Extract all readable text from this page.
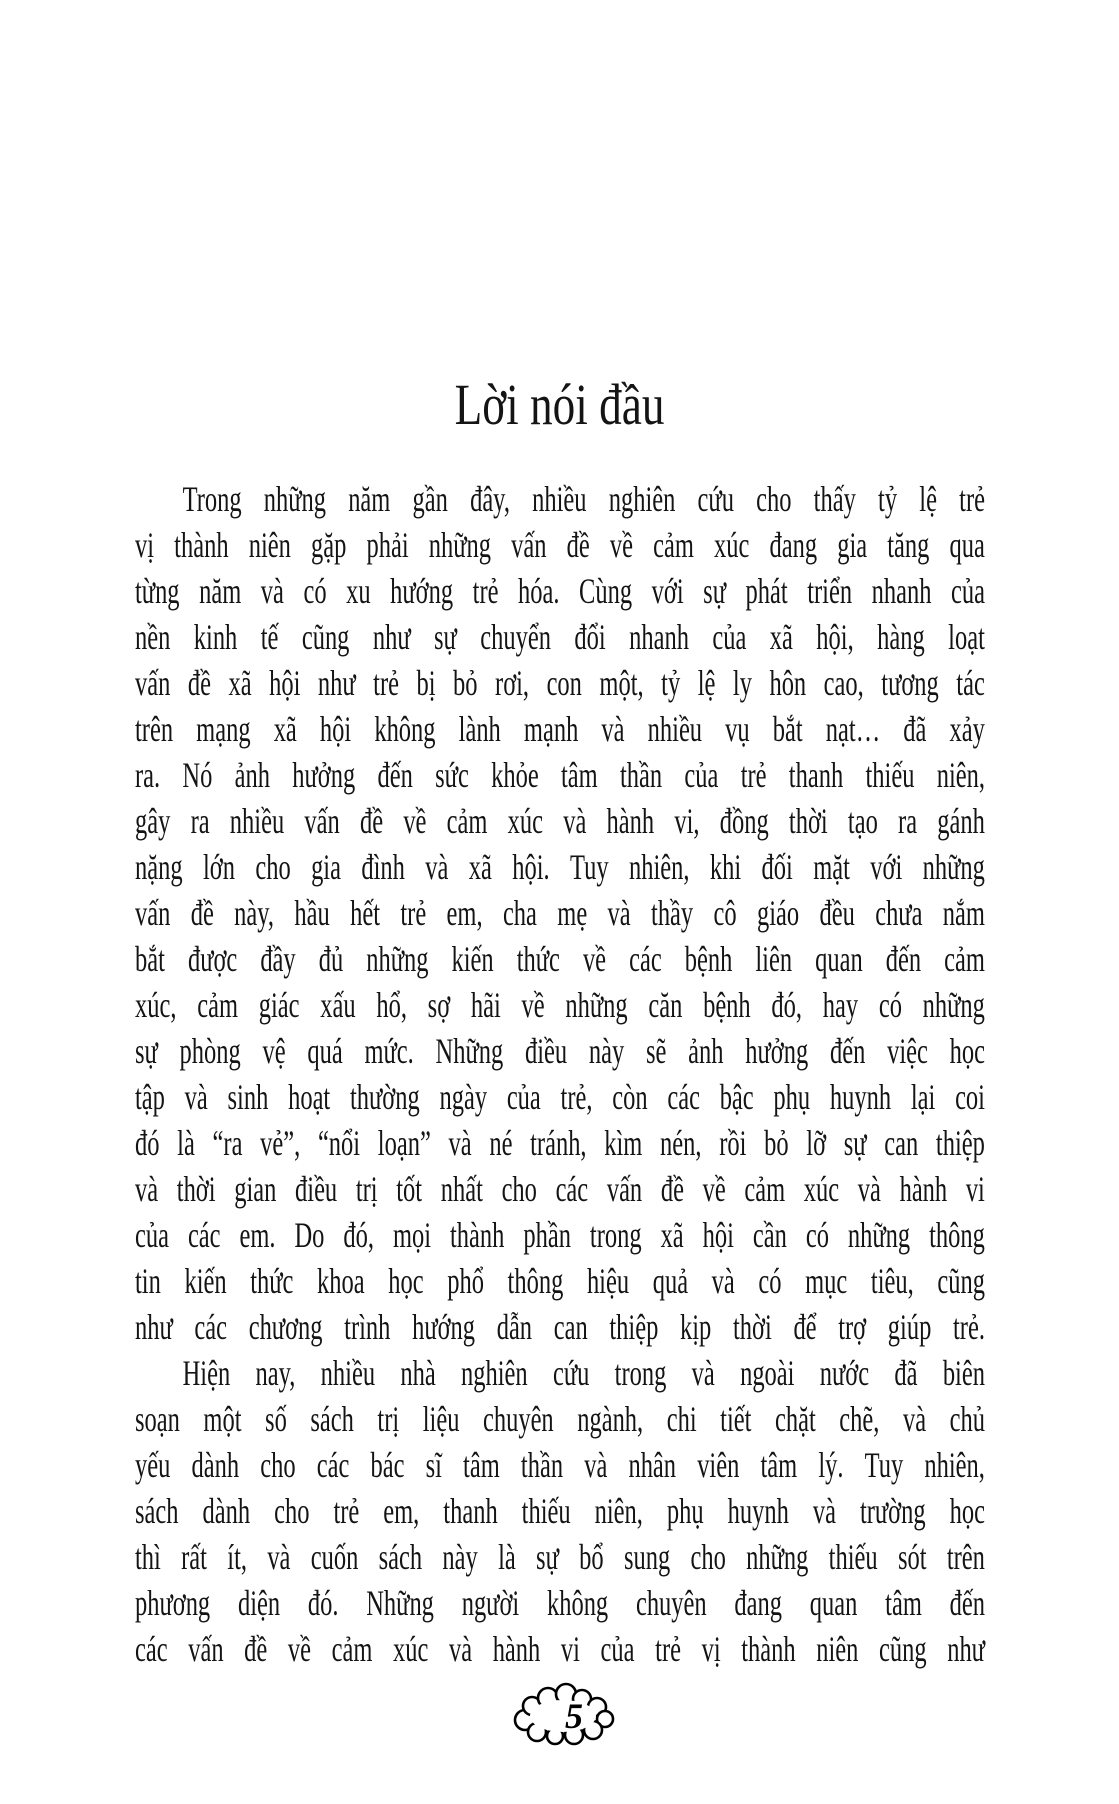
Lời nói đầu
Trong những năm gần đây, nhiều nghiên cứu cho thấy tỷ lệ trẻ
vị thành niên gặp phải những vấn đề về cảm xúc đang gia tăng qua
từng năm và có xu hướng trẻ hóa. Cùng với sự phát triển nhanh của
nền kinh tế cũng như sự chuyển đổi nhanh của xã hội, hàng loạt
vấn đề xã hội như trẻ bị bỏ rơi, con một, tỷ lệ ly hôn cao, tương tác
trên mạng xã hội không lành mạnh và nhiều vụ bắt nạt… đã xảy
ra. Nó ảnh hưởng đến sức khỏe tâm thần của trẻ thanh thiếu niên,
gây ra nhiều vấn đề về cảm xúc và hành vi, đồng thời tạo ra gánh
nặng lớn cho gia đình và xã hội. Tuy nhiên, khi đối mặt với những
vấn đề này, hầu hết trẻ em, cha mẹ và thầy cô giáo đều chưa nắm
bắt được đầy đủ những kiến thức về các bệnh liên quan đến cảm
xúc, cảm giác xấu hổ, sợ hãi về những căn bệnh đó, hay có những
sự phòng vệ quá mức. Những điều này sẽ ảnh hưởng đến việc học
tập và sinh hoạt thường ngày của trẻ, còn các bậc phụ huynh lại coi
đó là “ra vẻ”, “nổi loạn” và né tránh, kìm nén, rồi bỏ lỡ sự can thiệp
và thời gian điều trị tốt nhất cho các vấn đề về cảm xúc và hành vi
của các em. Do đó, mọi thành phần trong xã hội cần có những thông
tin kiến thức khoa học phổ thông hiệu quả và có mục tiêu, cũng
như các chương trình hướng dẫn can thiệp kịp thời để trợ giúp trẻ.
Hiện nay, nhiều nhà nghiên cứu trong và ngoài nước đã biên
soạn một số sách trị liệu chuyên ngành, chi tiết chặt chẽ, và chủ
yếu dành cho các bác sĩ tâm thần và nhân viên tâm lý. Tuy nhiên,
sách dành cho trẻ em, thanh thiếu niên, phụ huynh và trường học
thì rất ít, và cuốn sách này là sự bổ sung cho những thiếu sót trên
phương diện đó. Những người không chuyên đang quan tâm đến
các vấn đề về cảm xúc và hành vi của trẻ vị thành niên cũng như
5
